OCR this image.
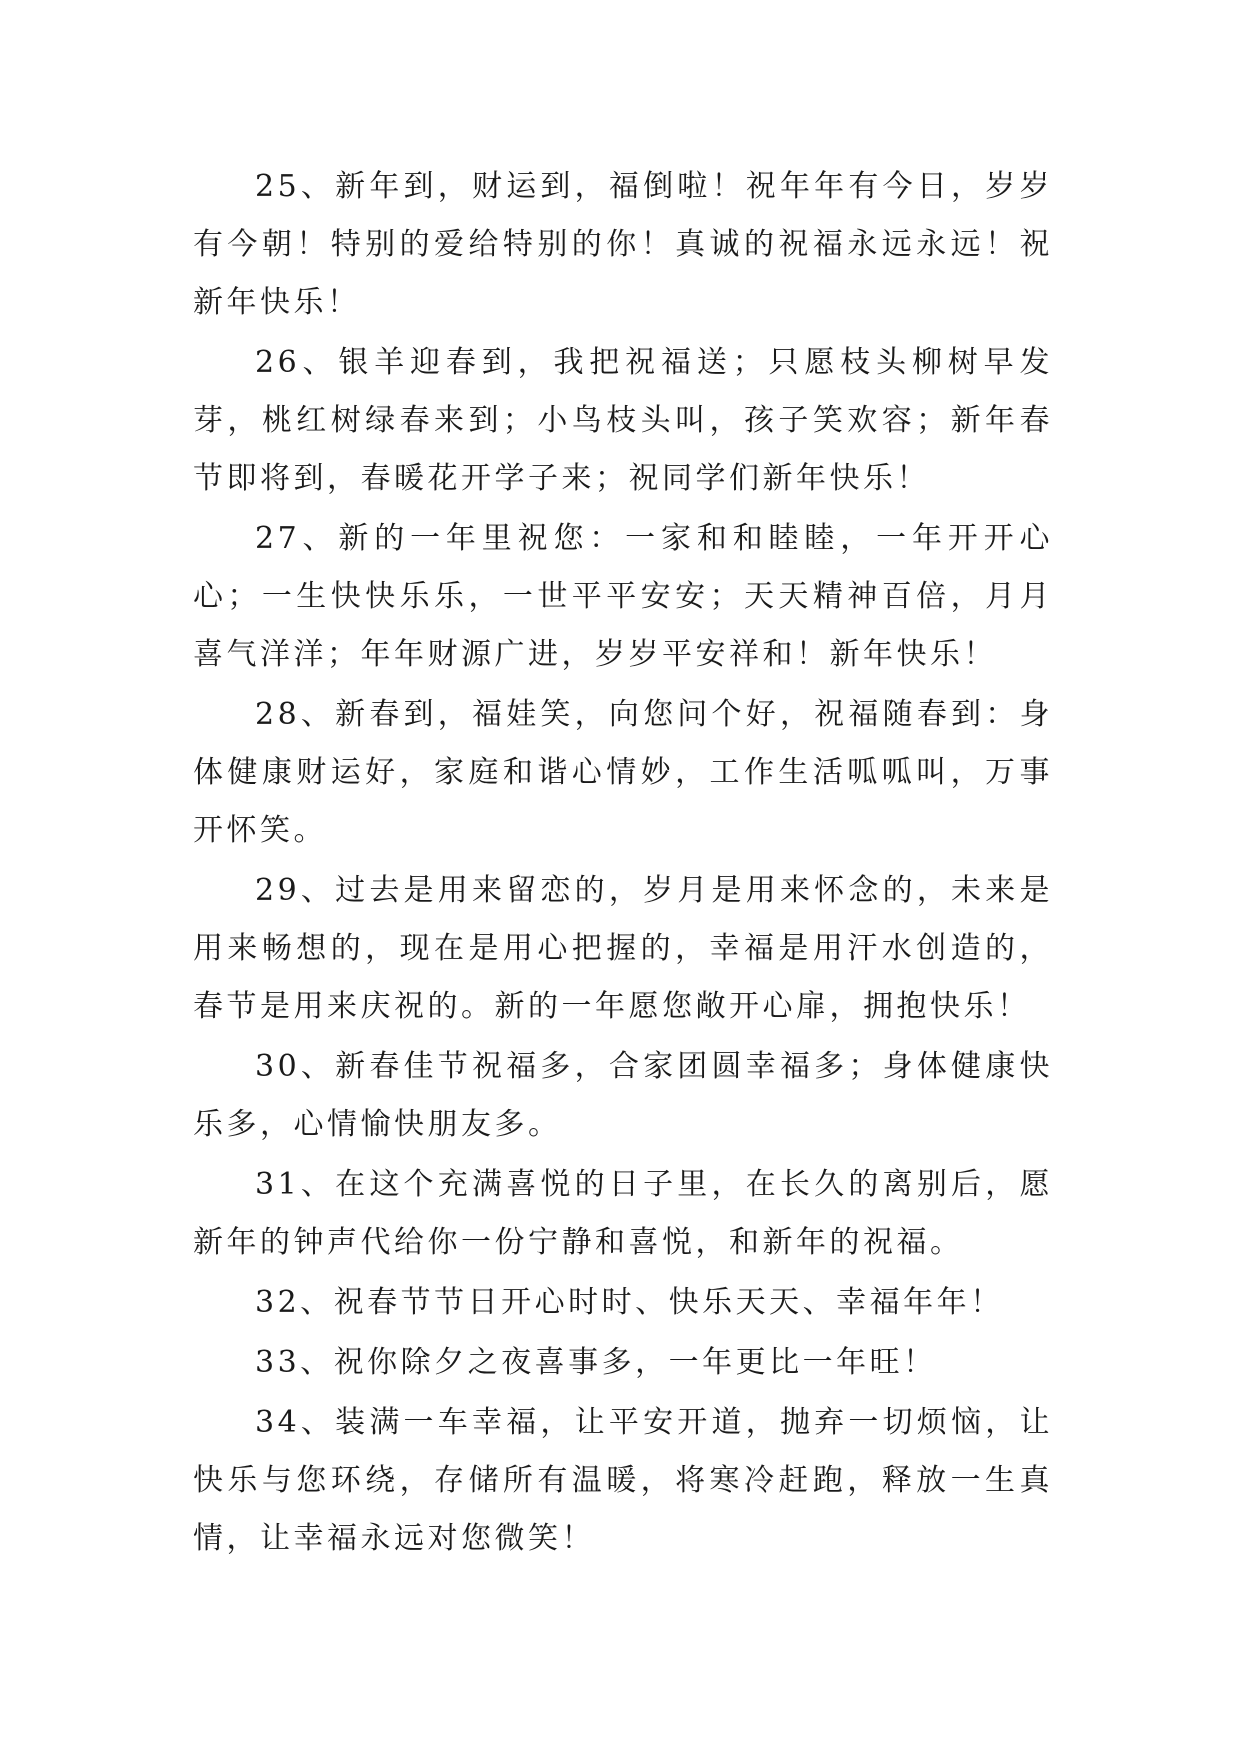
25、新年到，财运到，福倒啦！祝年年有今日，岁岁有今朝！特别的爱给特别的你！真诚的祝福永远永远！祝新年快乐！

26、银羊迎春到，我把祝福送；只愿枝头柳树早发芽，桃红树绿春来到；小鸟枝头叫，孩子笑欢容；新年春节即将到，春暖花开学子来；祝同学们新年快乐！

27、新的一年里祝您：一家和和睦睦，一年开开心心；一生快快乐乐，一世平平安安；天天精神百倍，月月喜气洋洋；年年财源广进，岁岁平安祥和！新年快乐！

28、新春到，福娃笑，向您问个好，祝福随春到：身体健康财运好，家庭和谐心情妙，工作生活呱呱叫，万事开怀笑。

29、过去是用来留恋的，岁月是用来怀念的，未来是用来畅想的，现在是用心把握的，幸福是用汗水创造的，春节是用来庆祝的。新的一年愿您敞开心扉，拥抱快乐！

30、新春佳节祝福多，合家团圆幸福多；身体健康快乐多，心情愉快朋友多。

31、在这个充满喜悦的日子里，在长久的离别后，愿新年的钟声代给你一份宁静和喜悦，和新年的祝福。

32、祝春节节日开心时时、快乐天天、幸福年年！

33、祝你除夕之夜喜事多，一年更比一年旺！

34、装满一车幸福，让平安开道，抛弃一切烦恼，让快乐与您环绕，存储所有温暖，将寒冷赶跑，释放一生真情，让幸福永远对您微笑！
